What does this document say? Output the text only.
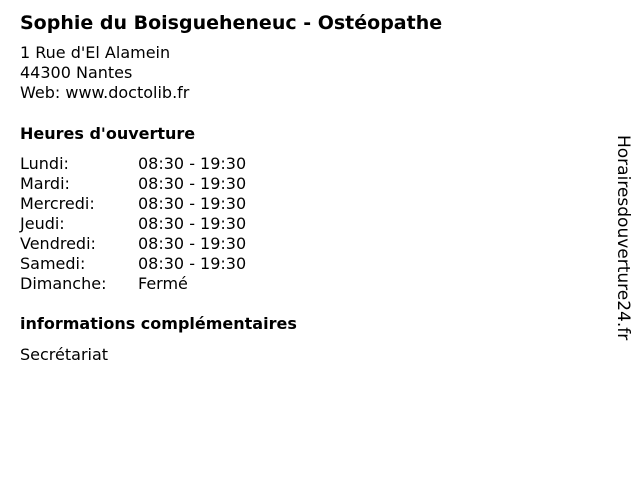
Sophie du Boisgueheneuc - Ostéopathe
1 Rue d'El Alamein
44300 Nantes
Web: www.doctolib.fr
Heures d'ouverture
Lundi:	08:30 - 19:30
Mardi:	08:30 - 19:30
Mercredi:	08:30 - 19:30
Jeudi:	08:30 - 19:30
Vendredi:	08:30 - 19:30
Samedi:	08:30 - 19:30
Dimanche:	Fermé
informations complémentaires
Secrétariat
Horairesdouverture24.fr
